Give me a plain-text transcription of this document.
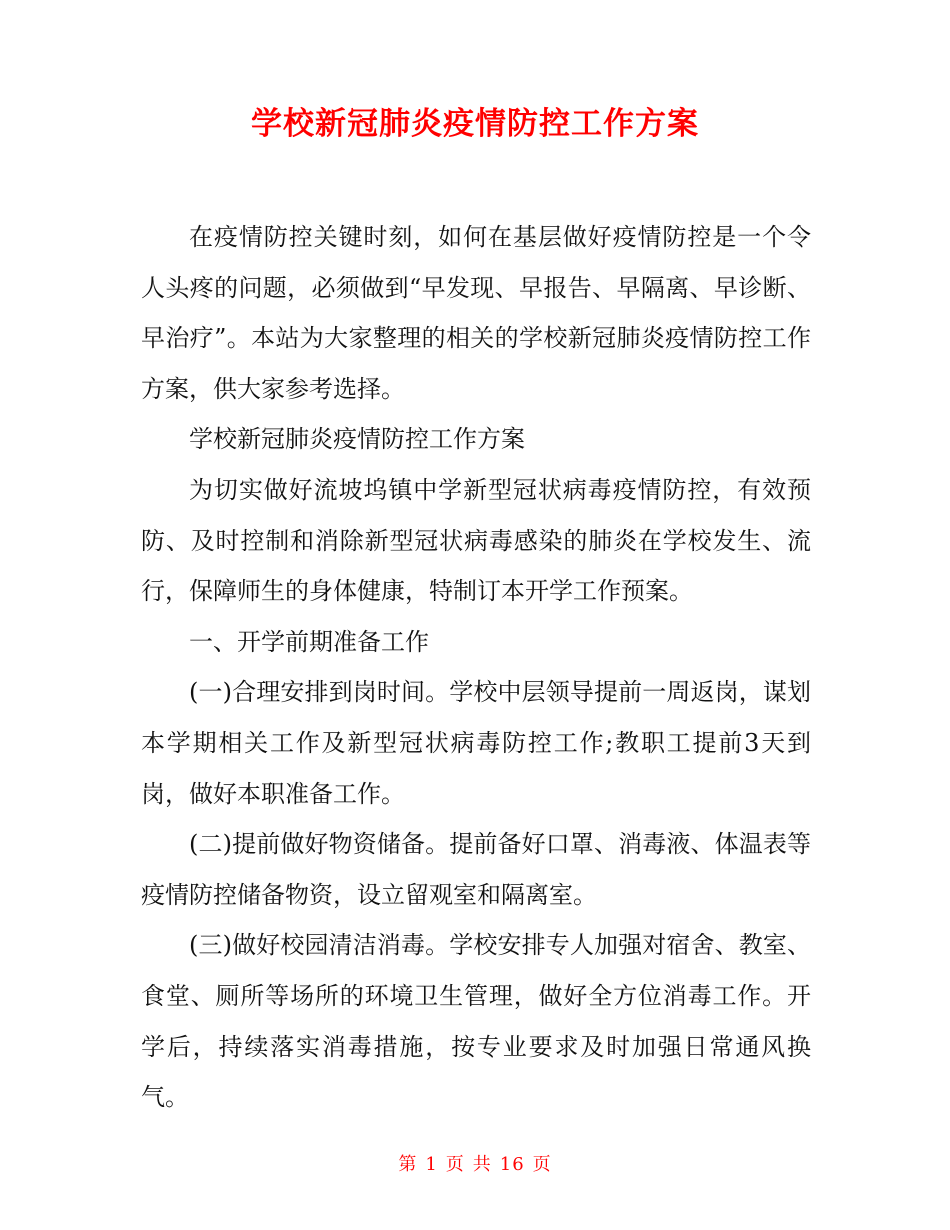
学校新冠肺炎疫情防控工作方案

在疫情防控关键时刻，如何在基层做好疫情防控是一个令人头疼的问题，必须做到“早发现、早报告、早隔离、早诊断、早治疗”。本站为大家整理的相关的学校新冠肺炎疫情防控工作方案，供大家参考选择。

学校新冠肺炎疫情防控工作方案

为切实做好流坡坞镇中学新型冠状病毒疫情防控，有效预防、及时控制和消除新型冠状病毒感染的肺炎在学校发生、流行，保障师生的身体健康，特制订本开学工作预案。

一、开学前期准备工作

(一)合理安排到岗时间。学校中层领导提前一周返岗，谋划本学期相关工作及新型冠状病毒防控工作;教职工提前3天到岗，做好本职准备工作。

(二)提前做好物资储备。提前备好口罩、消毒液、体温表等疫情防控储备物资，设立留观室和隔离室。

(三)做好校园清洁消毒。学校安排专人加强对宿舍、教室、食堂、厕所等场所的环境卫生管理，做好全方位消毒工作。开学后，持续落实消毒措施，按专业要求及时加强日常通风换气。

第 1 页 共 16 页
